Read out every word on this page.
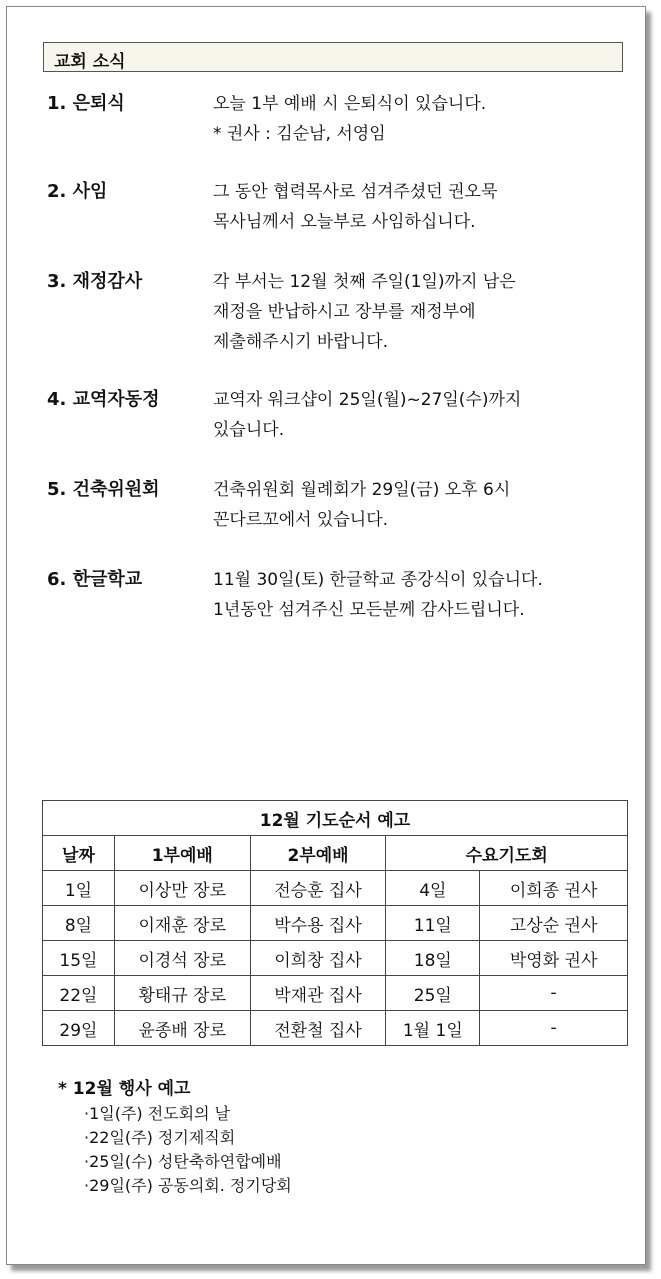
교회 소식
1. 은퇴식	오늘 1부 예배 시 은퇴식이 있습니다.
* 권사 : 김순남, 서영임
2. 사임	그 동안 협력목사로 섬겨주셨던 권오묵
목사님께서 오늘부로 사임하십니다.
3. 재정감사	각 부서는 12월 첫째 주일(1일)까지 남은
재정을 반납하시고 장부를 재정부에
제출해주시기 바랍니다.
4. 교역자동정	교역자 워크샵이 25일(월)~27일(수)까지
있습니다.
5. 건축위원회	건축위원회 월례회가 29일(금) 오후 6시
꼰다르꼬에서 있습니다.
6. 한글학교	11월 30일(토) 한글학교 종강식이 있습니다.
1년동안 섬겨주신 모든분께 감사드립니다.
12월 기도순서 예고				
날짜	1부예배	2부예배	수요기도회	
1일	이상만 장로	전승훈 집사	4일	이희종 권사
8일	이재훈 장로	박수용 집사	11일	고상순 권사
15일	이경석 장로	이희창 집사	18일	박영화 권사
22일	황태규 장로	박재관 집사	25일	-
29일	윤종배 장로	전환철 집사	1월 1일	-
* 12월 행사 예고
·1일(주) 전도회의 날
·22일(주) 정기제직회
·25일(수) 성탄축하연합예배
·29일(주) 공동의회. 정기당회
